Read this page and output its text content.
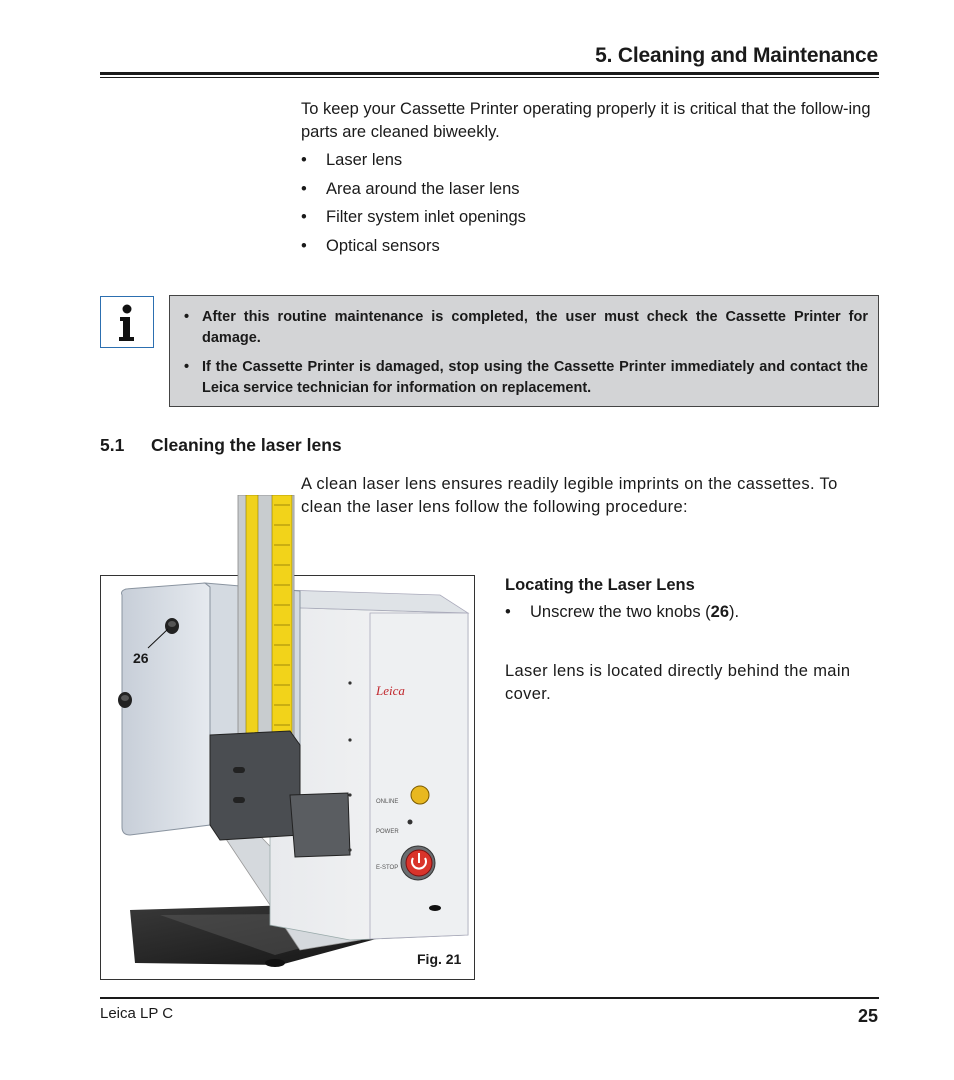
5. Cleaning and Maintenance
To keep your Cassette Printer operating properly it is critical that the follow-ing parts are cleaned biweekly.
• Laser lens
• Area around the laser lens
• Filter system inlet openings
• Optical sensors
• After this routine maintenance is completed, the user must check the Cassette Printer for damage.
• If the Cassette Printer is damaged, stop using the Cassette Printer immediately and contact the Leica service technician for information on replacement.
5.1 Cleaning the laser lens
A clean laser lens ensures readily legible imprints on the cassettes. To clean the laser lens follow the following procedure:
Locating the Laser Lens
• Unscrew the two knobs (26).
Laser lens is located directly behind the main cover.
Leica
ONLINE
POWER
E-STOP
26
Fig. 21
Leica LP C	25
